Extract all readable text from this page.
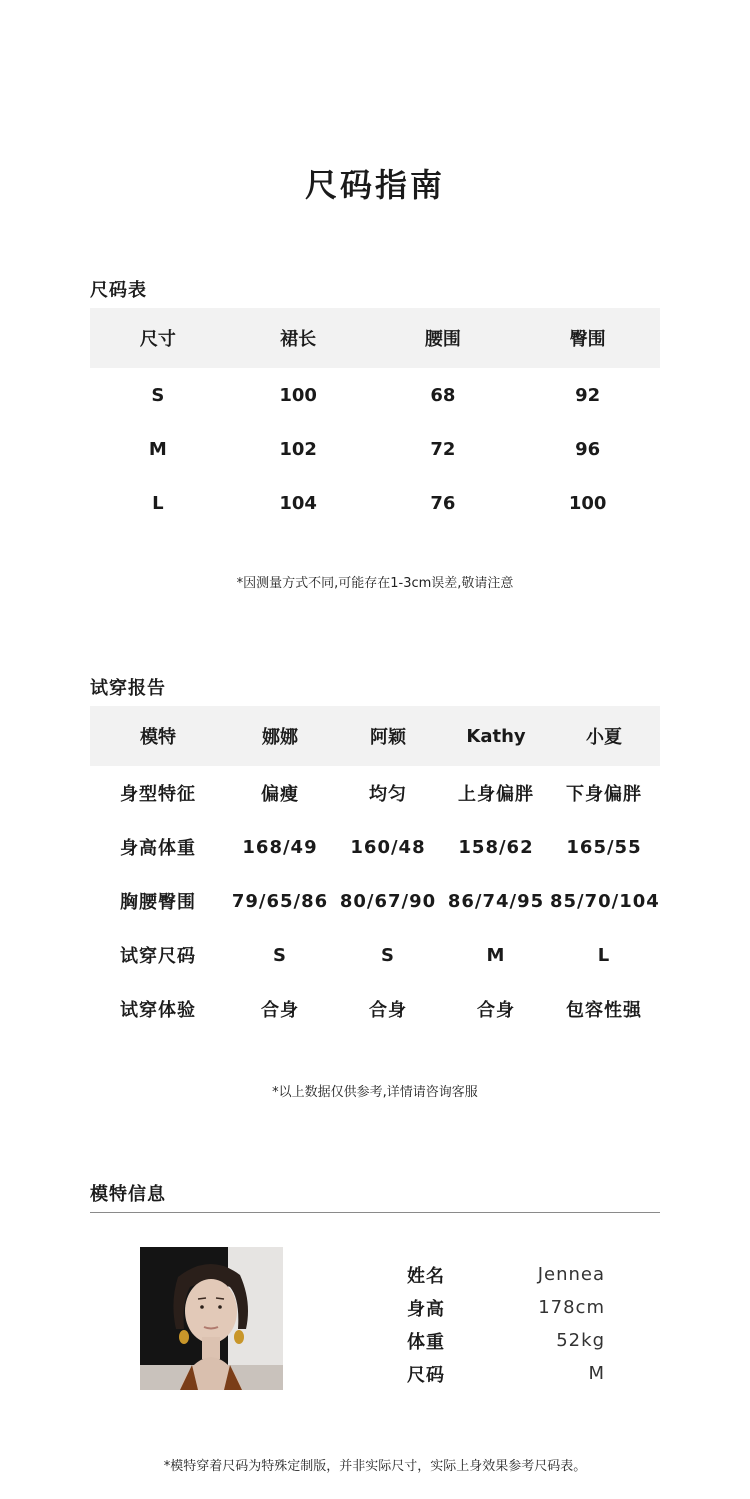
尺码指南
尺码表
尺寸	裙长	腰围	臀围
S	100	68	92
M	102	72	96
L	104	76	100
*因测量方式不同,可能存在1-3cm误差,敬请注意
试穿报告
模特	娜娜	阿颖	Kathy	小夏
身型特征	偏瘦	均匀	上身偏胖	下身偏胖
身高体重	168/49	160/48	158/62	165/55
胸腰臀围	79/65/86 80/67/90 86/74/95 85/70/104
试穿尺码	S	S	M	L
试穿体验	合身	合身	合身	包容性强
*以上数据仅供参考,详情请咨询客服
模特信息
姓名	Jennea
身高	178cm
体重	52kg
尺码	M
*模特穿着尺码为特殊定制版，并非实际尺寸，实际上身效果参考尺码表。
